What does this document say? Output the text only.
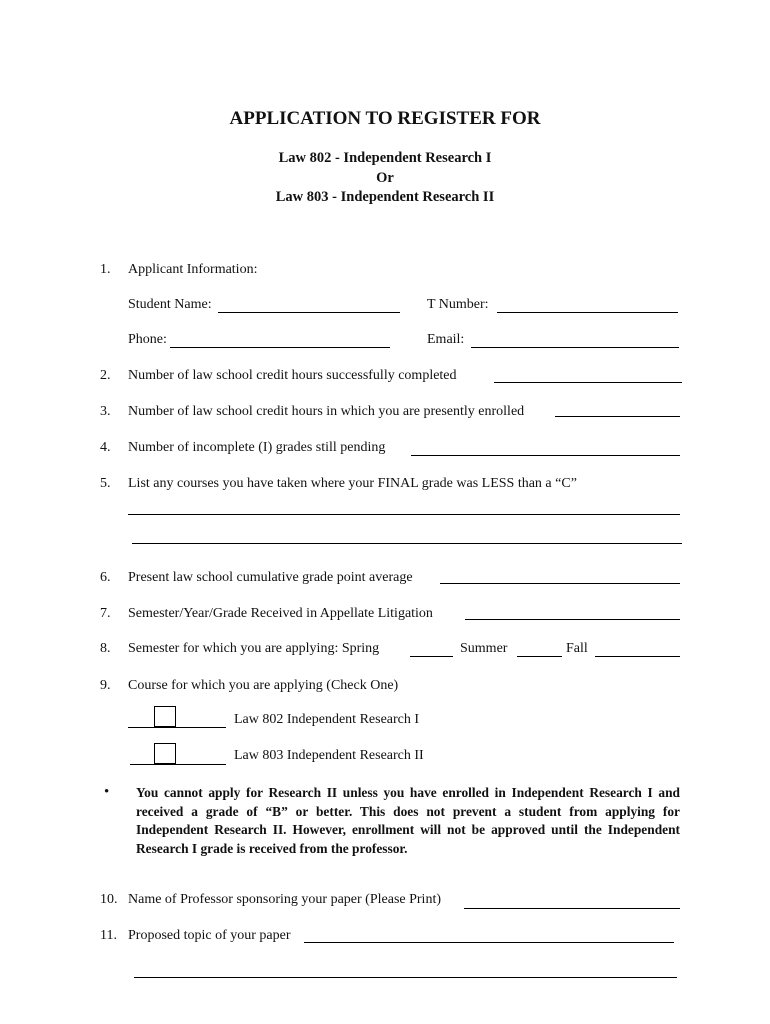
APPLICATION TO REGISTER FOR
Law 802 - Independent Research I
Or
Law 803 - Independent Research II
1. Applicant Information:
Student Name:	T Number:
Phone:	Email:
2. Number of law school credit hours successfully completed
3. Number of law school credit hours in which you are presently enrolled
4. Number of incomplete (I) grades still pending
5. List any courses you have taken where your FINAL grade was LESS than a “C”
6. Present law school cumulative grade point average
7. Semester/Year/Grade Received in Appellate Litigation
8. Semester for which you are applying: Spring	Summer	Fall
9. Course for which you are applying (Check One)
Law 802 Independent Research I
Law 803 Independent Research II
• You cannot apply for Research II unless you have enrolled in Independent Research I and received a grade of “B” or better. This does not prevent a student from applying for Independent Research II. However, enrollment will not be approved until the Independent Research I grade is received from the professor.
10. Name of Professor sponsoring your paper (Please Print)
11. Proposed topic of your paper
